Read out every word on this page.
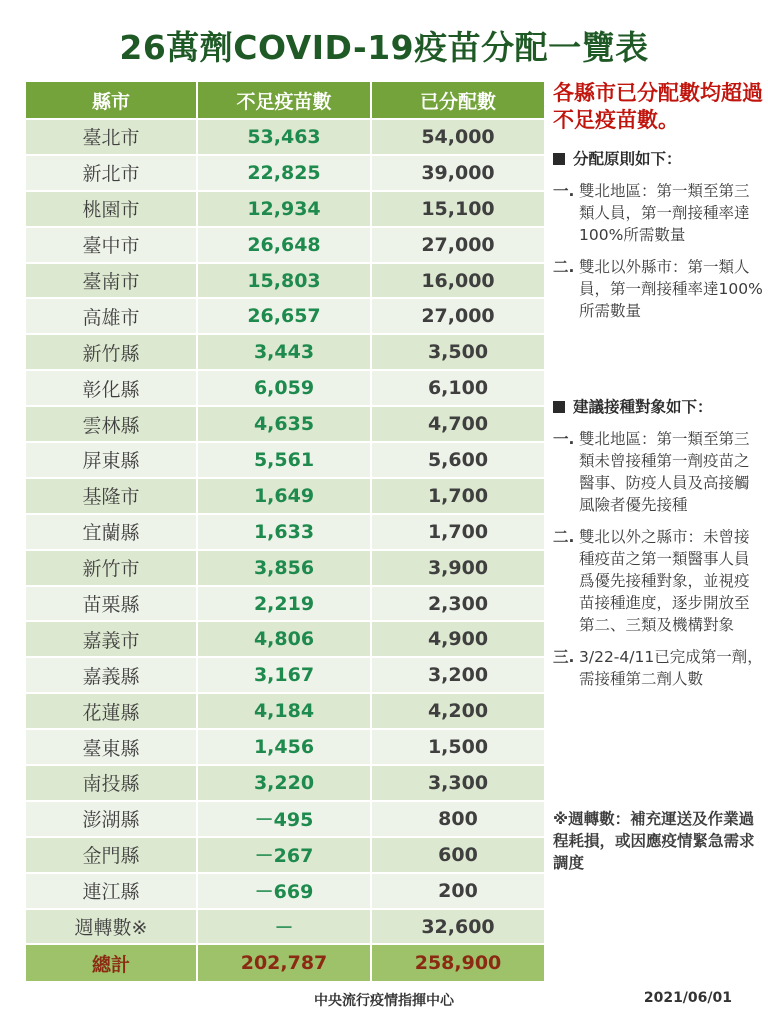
26萬劑COVID-19疫苗分配一覽表
縣市	不足疫苗數	已分配數
臺北市	53,463	54,000
新北市	22,825	39,000
桃園市	12,934	15,100
臺中市	26,648	27,000
臺南市	15,803	16,000
高雄市	26,657	27,000
新竹縣	3,443	3,500
彰化縣	6,059	6,100
雲林縣	4,635	4,700
屏東縣	5,561	5,600
基隆市	1,649	1,700
宜蘭縣	1,633	1,700
新竹市	3,856	3,900
苗栗縣	2,219	2,300
嘉義市	4,806	4,900
嘉義縣	3,167	3,200
花蓮縣	4,184	4,200
臺東縣	1,456	1,500
南投縣	3,220	3,300
澎湖縣	－495	800
金門縣	－267	600
連江縣	－669	200
週轉數※	－	32,600
總計	202,787	258,900
各縣市已分配數均超過不足疫苗數。
分配原則如下：
一. 雙北地區：第一類至第三類人員，第一劑接種率達100%所需數量
二. 雙北以外縣市：第一類人員，第一劑接種率達100%所需數量
建議接種對象如下：
一. 雙北地區：第一類至第三類未曾接種第一劑疫苗之醫事、防疫人員及高接觸風險者優先接種
二. 雙北以外之縣市：未曾接種疫苗之第一類醫事人員爲優先接種對象，並視疫苗接種進度，逐步開放至第二、三類及機構對象
三. 3/22-4/11已完成第一劑，需接種第二劑人數
※週轉數：補充運送及作業過程耗損，或因應疫情緊急需求調度
中央流行疫情指揮中心	2021/06/01
